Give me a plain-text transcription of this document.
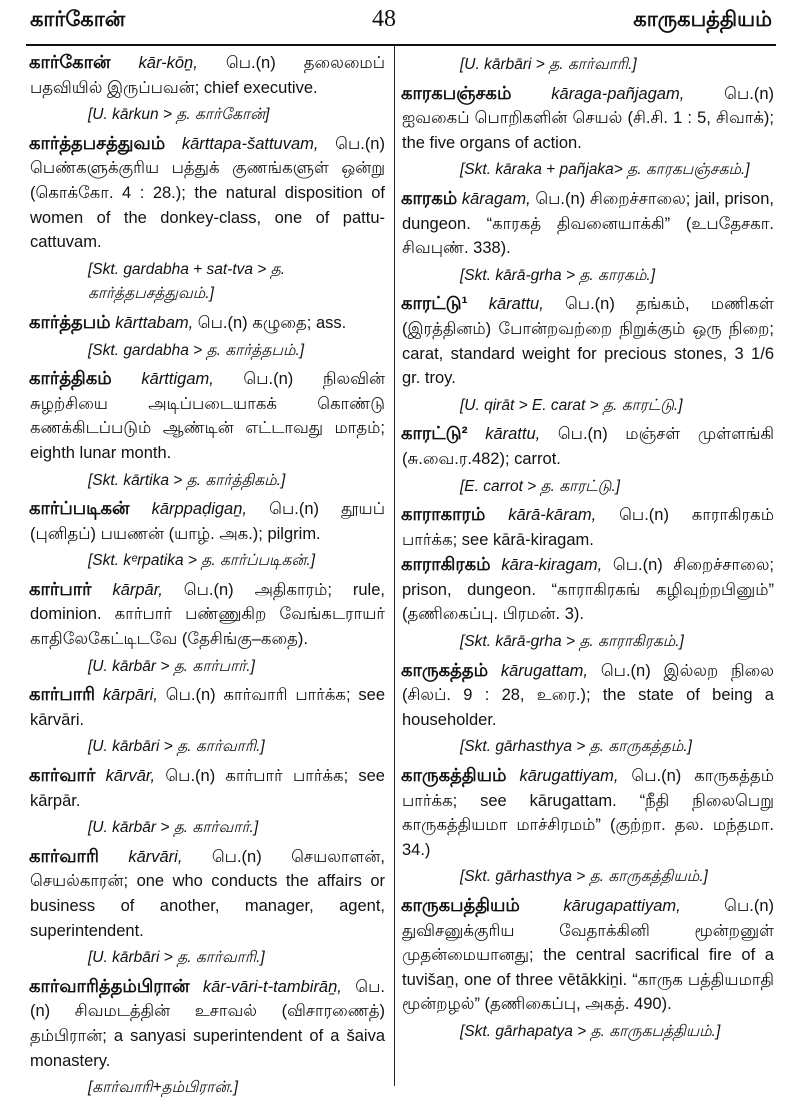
கார்கோன்	48	காருகபத்தியம்

கார்கோன் kār-kōṉ, பெ.(n) தலைமைப் பதவியில் இருப்பவன்; chief executive.

[U. kārkun > த. கார்கோன்]

கார்த்தபசத்துவம் kārttapa-šattuvam, பெ.(n) பெண்களுக்குரிய பத்துக் குணங்களுள் ஒன்று (கொக்கோ. 4 : 28.); the natural disposition of women of the donkey-class, one of pattu-cattuvam.

[Skt. gardabha + sat-tva > த. கார்த்தபசத்துவம்.]

கார்த்தபம் kārttabam, பெ.(n) கழுதை; ass.

[Skt. gardabha > த. கார்த்தபம்.]

கார்த்திகம் kārttigam, பெ.(n) நிலவின் சுழற்சியை அடிப்படையாகக் கொண்டு கணக்கிடப்படும் ஆண்டின் எட்டாவது மாதம்; eighth lunar month.

[Skt. kārtika > த. கார்த்திகம்.]

கார்ப்படிகன் kārppaḍigaṉ, பெ.(n) தூயப் (புனிதப்) பயணன் (யாழ். அக.); pilgrim.

[Skt. kᵉrpatika > த. கார்ப்படிகன்.]

கார்பார் kārpār, பெ.(n) அதிகாரம்; rule, dominion. கார்பார் பண்ணுகிற வேங்கடராயர் காதிலேகேட்டிடவே (தேசிங்கு–கதை).

[U. kārbār > த. கார்பார்.]

கார்பாரி kārpāri, பெ.(n) கார்வாரி பார்க்க; see kārvāri.

[U. kārbāri > த. கார்வாரி.]

கார்வார் kārvār, பெ.(n) கார்பார் பார்க்க; see kārpār.

[U. kārbār > த. கார்வார்.]

கார்வாரி kārvāri, பெ.(n) செயலாளன், செயல்காரன்; one who conducts the affairs or business of another, manager, agent, superintendent.

[U. kārbāri > த. கார்வாரி.]

கார்வாரித்தம்பிரான் kār-vāri-t-tambirāṉ, பெ.(n) சிவமடத்தின் உசாவல் (விசாரணைத்) தம்பிரான்; a sanyasi superintendent of a šaiva monastery.

[கார்வாரி+தம்பிரான்.]

[U. kārbāri > த. கார்வாரி.]

காரகபஞ்சகம் kāraga-pañjagam, பெ.(n) ஐவகைப் பொறிகளின் செயல் (சி.சி. 1 : 5, சிவாக்); the five organs of action.

[Skt. kāraka + pañjaka> த. காரகபஞ்சகம்.]

காரகம் kāragam, பெ.(n) சிறைச்சாலை; jail, prison, dungeon. “காரகத் திவனையாக்கி” (உபதேசகா. சிவபுண். 338).

[Skt. kārā-grha > த. காரகம்.]

காரட்டு¹ kārattu, பெ.(n) தங்கம், மணிகள் (இரத்தினம்) போன்றவற்றை நிறுக்கும் ஒரு நிறை; carat, standard weight for precious stones, 3 1/6 gr. troy.

[U. qirāt > E. carat > த. காரட்டு.]

காரட்டு² kārattu, பெ.(n) மஞ்சள் முள்ளங்கி (சு.வை.ர.482); carrot.

[E. carrot > த. காரட்டு.]

காராகாரம் kārā-kāram, பெ.(n) காராகிரகம் பார்க்க; see kārā-kiragam.

காராகிரகம் kāra-kiragam, பெ.(n) சிறைச்சாலை; prison, dungeon. “காராகிரகங் கழிவுற்றபினும்” (தணிகைப்பு. பிரமன். 3).

[Skt. kārā-grha > த. காராகிரகம்.]

காருகத்தம் kārugattam, பெ.(n) இல்லற நிலை (சிலப். 9 : 28, உரை.); the state of being a householder.

[Skt. gārhasthya > த. காருகத்தம்.]

காருகத்தியம் kārugattiyam, பெ.(n) காருகத்தம் பார்க்க; see kārugattam. “நீதி நிலைபெறு காருகத்தியமா மாச்சிரமம்” (குற்றா. தல. மந்தமா. 34.)

[Skt. gārhasthya > த. காருகத்தியம்.]

காருகபத்தியம்	kārugapattiyam,	பெ.(n) துவிசனுக்குரிய வேதாக்கினி மூன்றனுள் முதன்மையானது; the central sacrifical fire of a tuvišaṉ, one of three vētākkiṉi. “காருக பத்தியமாதி மூன்றழல்” (தணிகைப்பு, அகத். 490).

[Skt. gārhapatya > த. காருகபத்தியம்.]
